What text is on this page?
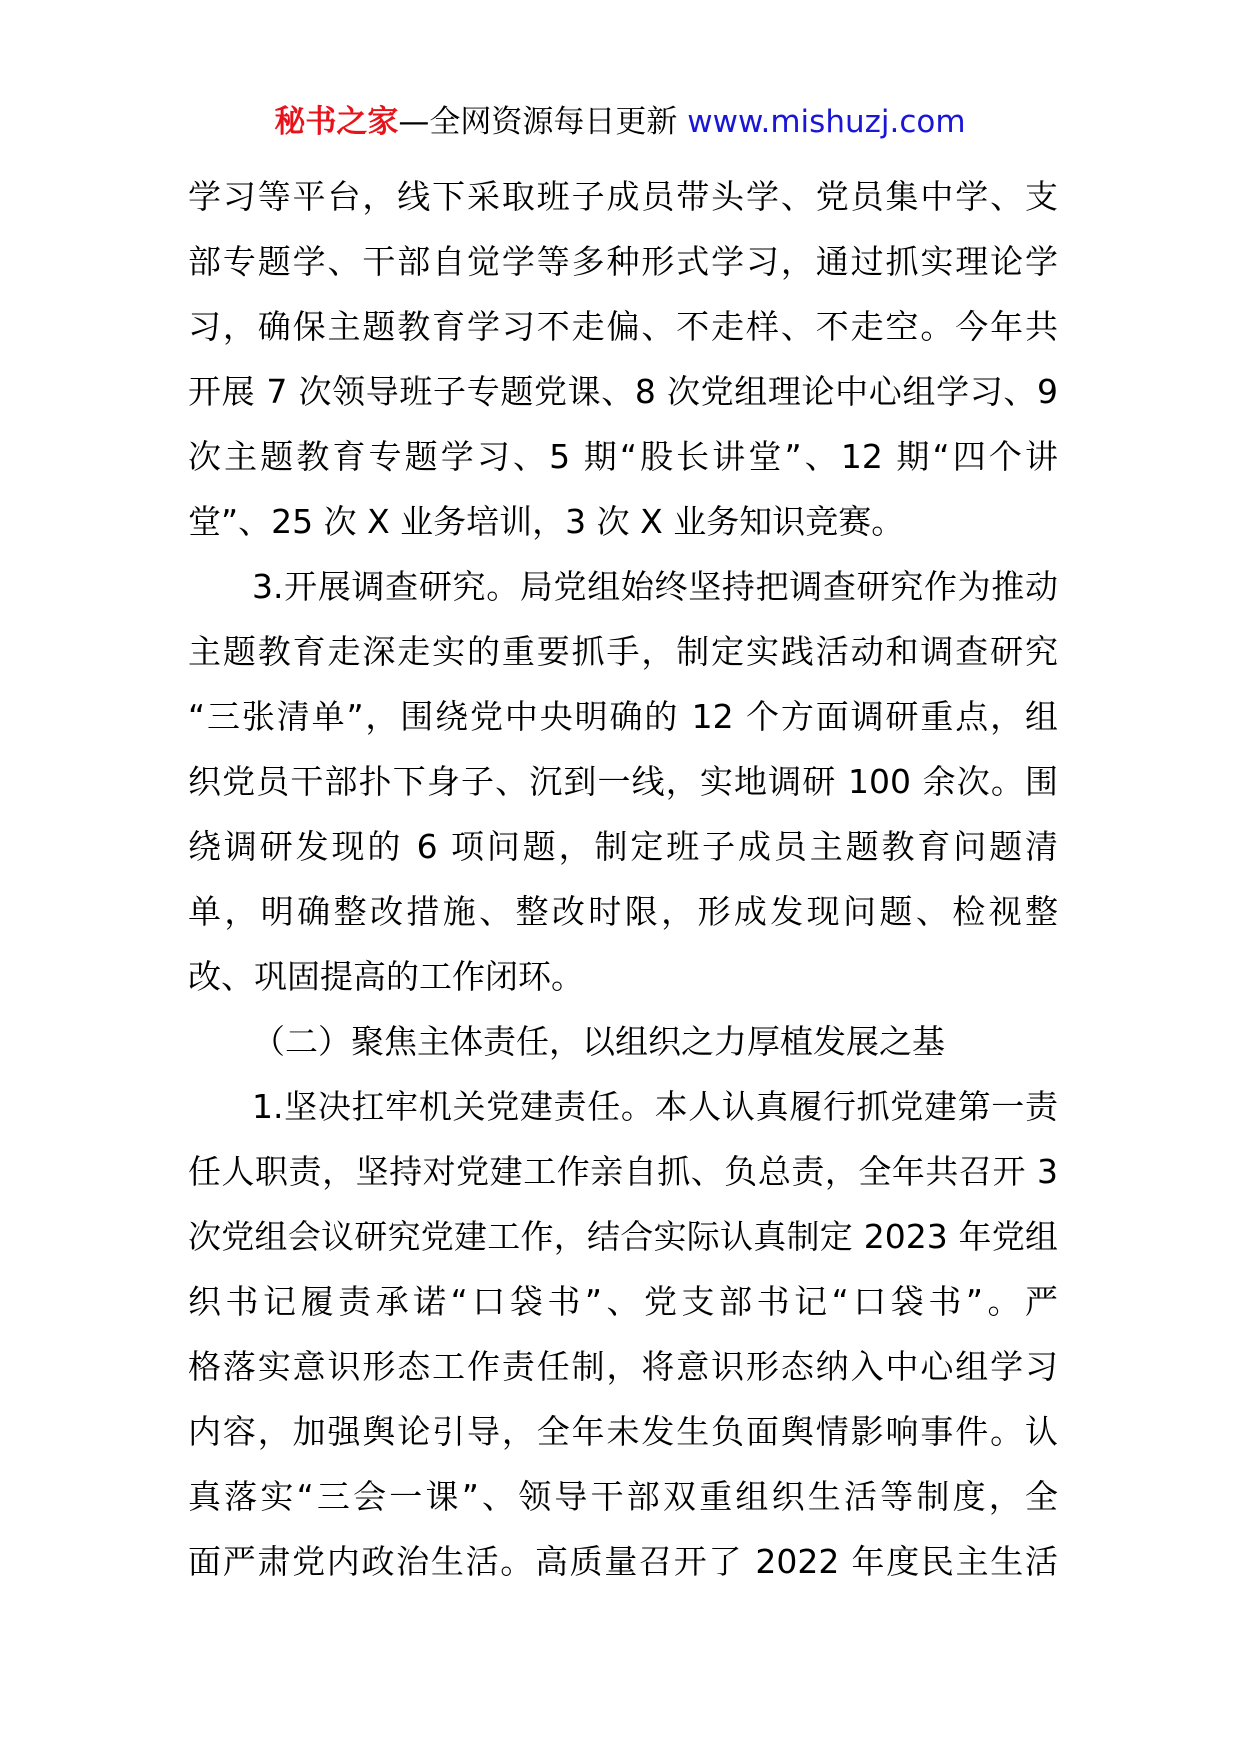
秘书之家—全网资源每日更新 www.mishuzj.com
学习等平台，线下采取班子成员带头学、党员集中学、支
部专题学、干部自觉学等多种形式学习，通过抓实理论学
习，确保主题教育学习不走偏、不走样、不走空。今年共
开展 7 次领导班子专题党课、8 次党组理论中心组学习、9
次主题教育专题学习、5 期“股长讲堂”、12 期“四个讲
堂”、25 次 X 业务培训，3 次 X 业务知识竞赛。
3.开展调查研究。局党组始终坚持把调查研究作为推动
主题教育走深走实的重要抓手，制定实践活动和调查研究
“三张清单”，围绕党中央明确的 12 个方面调研重点，组
织党员干部扑下身子、沉到一线，实地调研 100 余次。围
绕调研发现的 6 项问题，制定班子成员主题教育问题清
单，明确整改措施、整改时限，形成发现问题、检视整
改、巩固提高的工作闭环。
（二）聚焦主体责任，以组织之力厚植发展之基
1.坚决扛牢机关党建责任。本人认真履行抓党建第一责
任人职责，坚持对党建工作亲自抓、负总责，全年共召开 3
次党组会议研究党建工作，结合实际认真制定 2023 年党组
织书记履责承诺“口袋书”、党支部书记“口袋书”。严
格落实意识形态工作责任制，将意识形态纳入中心组学习
内容，加强舆论引导，全年未发生负面舆情影响事件。认
真落实“三会一课”、领导干部双重组织生活等制度，全
面严肃党内政治生活。高质量召开了 2022 年度民主生活
